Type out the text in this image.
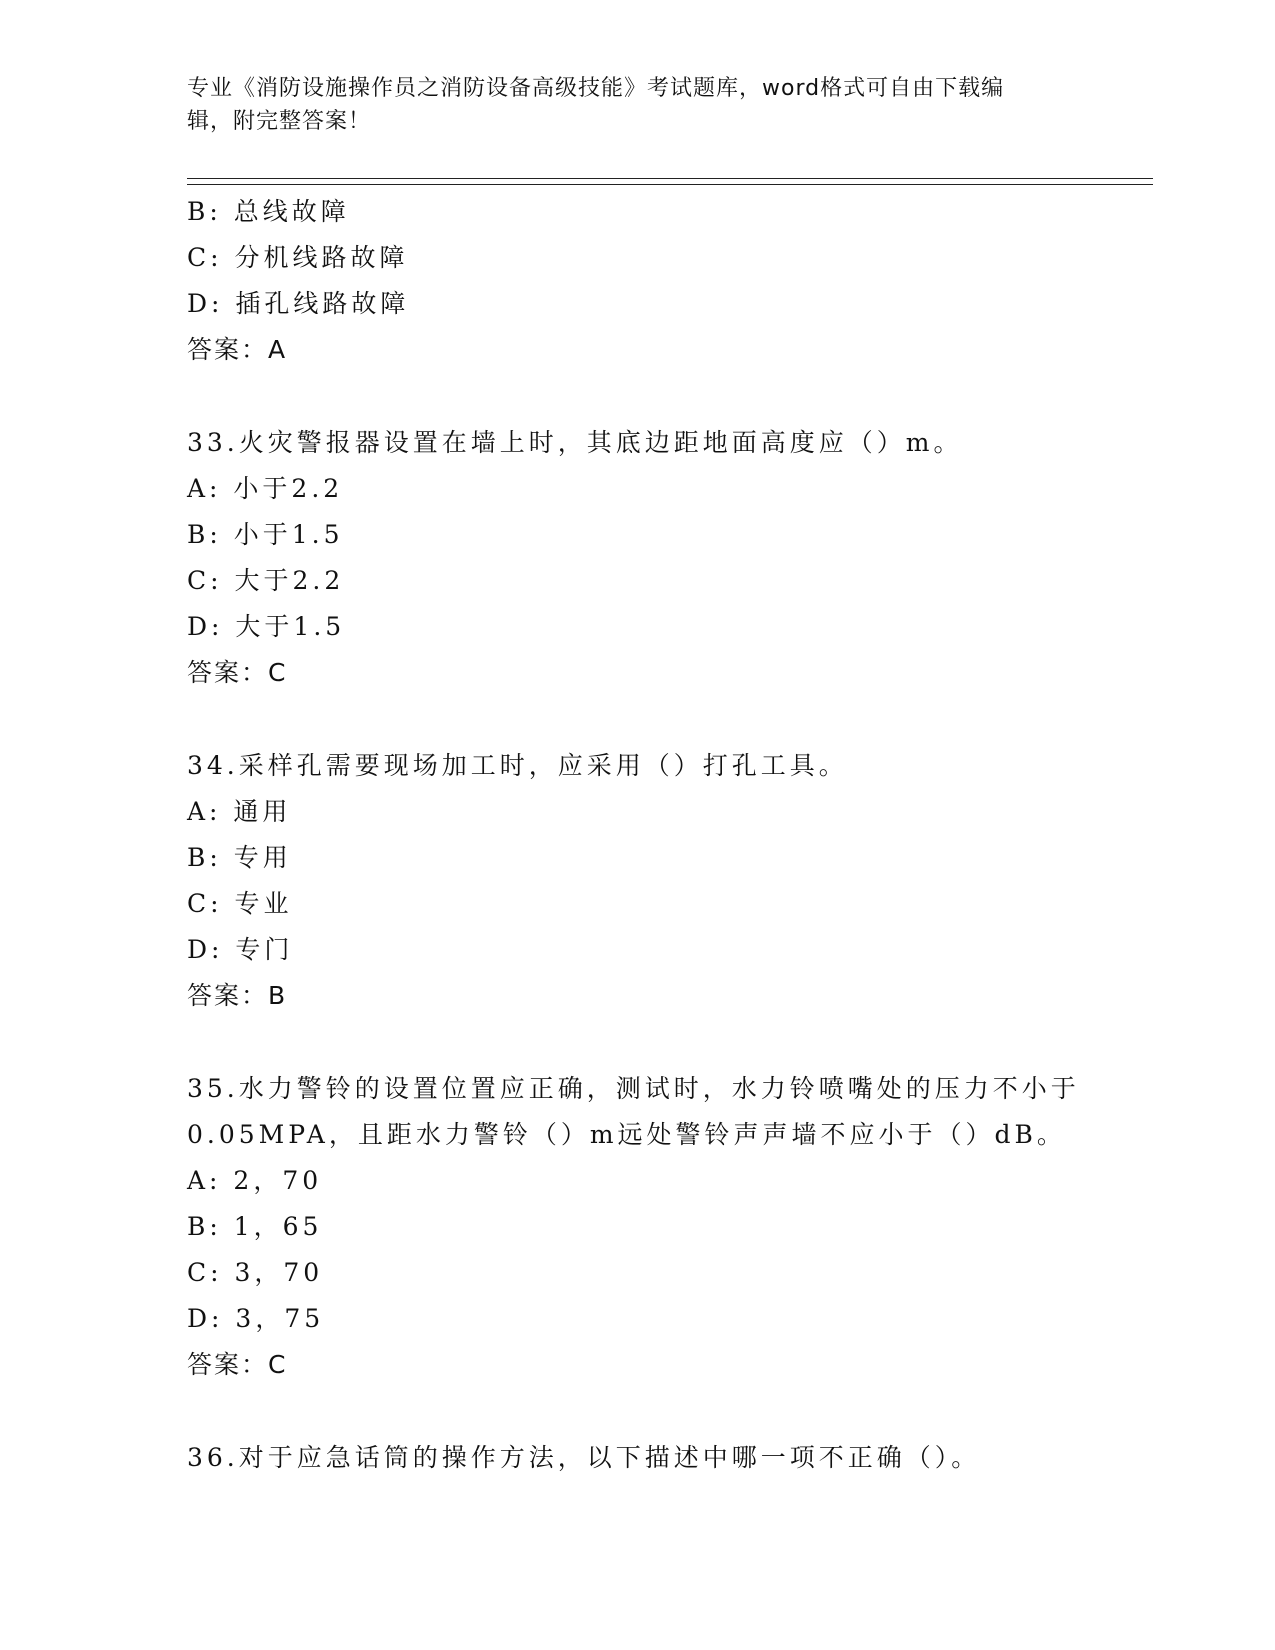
专业《消防设施操作员之消防设备高级技能》考试题库，word格式可自由下载编
辑，附完整答案！
B: 总线故障
C: 分机线路故障
D: 插孔线路故障
答案：A
33.火灾警报器设置在墙上时，其底边距地面高度应（）m。
A: 小于2.2
B: 小于1.5
C: 大于2.2
D: 大于1.5
答案：C
34.采样孔需要现场加工时，应采用（）打孔工具。
A: 通用
B: 专用
C: 专业
D: 专门
答案：B
35.水力警铃的设置位置应正确，测试时，水力铃喷嘴处的压力不小于
0.05MPA，且距水力警铃（）m远处警铃声声墙不应小于（）dB。
A: 2，70
B: 1，65
C: 3，70
D: 3，75
答案：C
36.对于应急话筒的操作方法，以下描述中哪一项不正确（）。
